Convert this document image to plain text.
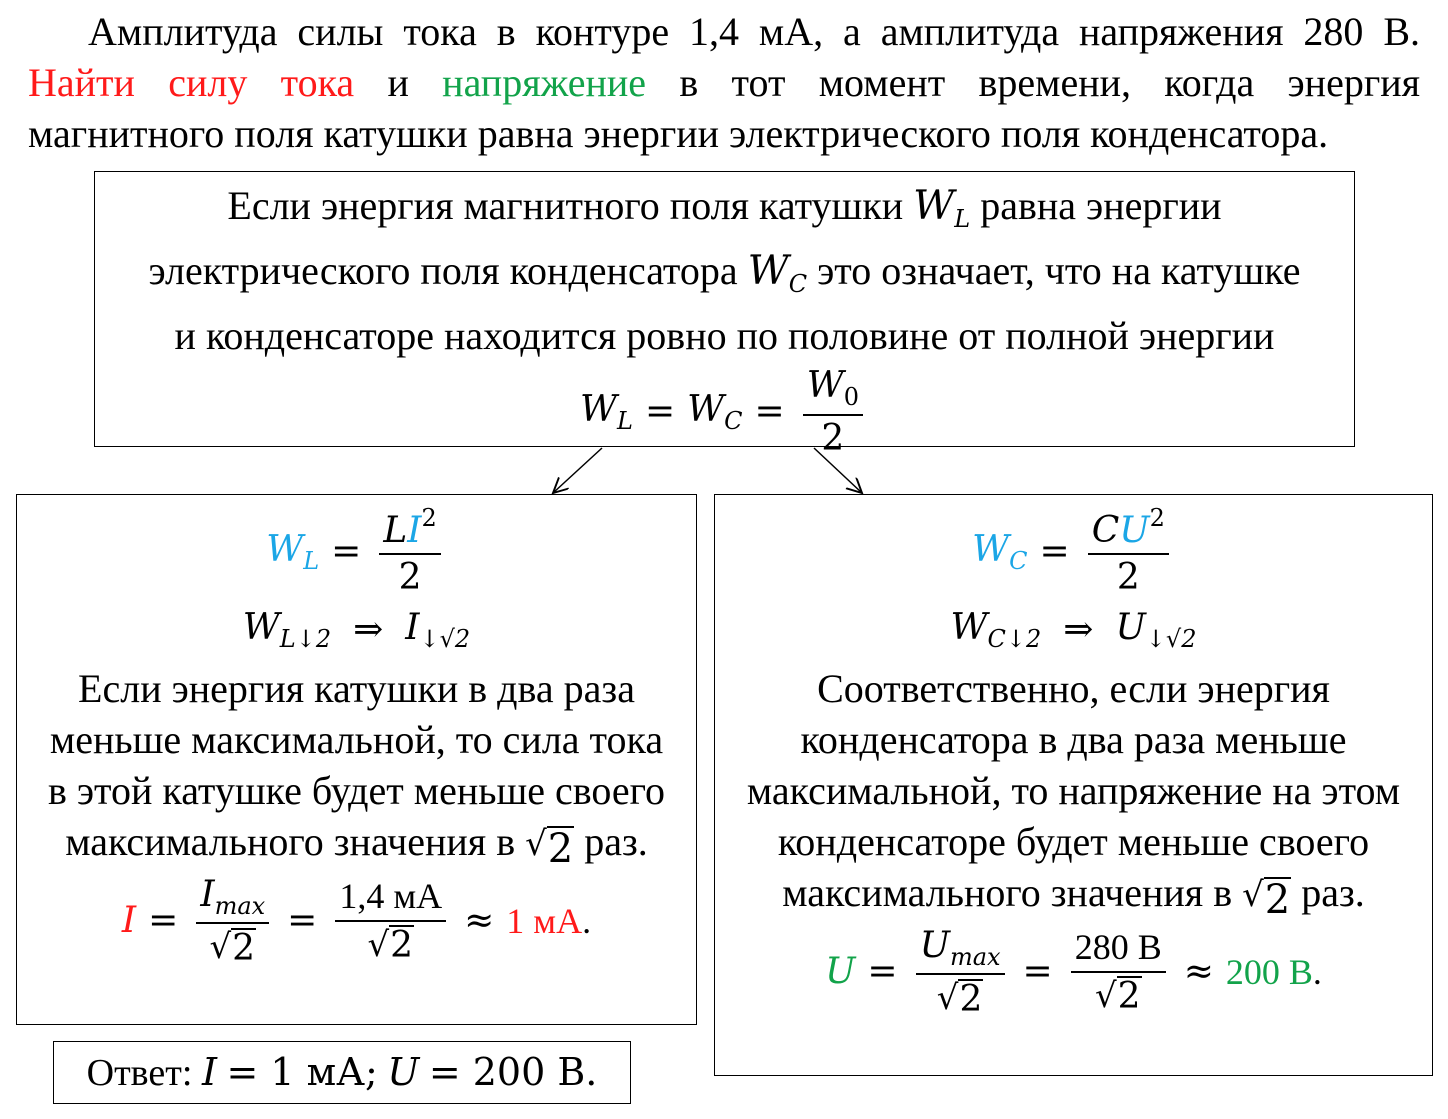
Амплитуда силы тока в контуре 1,4 мА, а амплитуда напряжения 280 В.

Найти силу тока и напряжение в тот момент времени, когда энергия

магнитного поля катушки равна энергии электрического поля конденсатора.

Если энергия магнитного поля катушки $W_L$ равна энергии
электрического поля конденсатора $W_C$ это означает, что на катушке
и конденсаторе находится ровно по половине от полной энергии
$W_L = W_C = \frac{W_0}{2}$
$W_L = \frac{LI^2}{2}$
$W_{L↓2}$ ⇒ $I_{↓√2}$
Если энергия катушки в два раза
меньше максимальной, то сила тока
в этой катушке будет меньше своего
максимального значения в √ 2 раз.
$I = \frac{I_{max}}{√ 2} = \frac{1,4 мА}{√ 2} \approx 1$ мА .
$W_C = \frac{CU^2}{2}$
$W_{C↓2}$ ⇒ $U_{↓√2}$
Соответственно, если энергия
конденсатора в два раза меньше
максимальной, то напряжение на этом
конденсаторе будет меньше своего
максимального значения в √ 2 раз.
$U = \frac{U_{max}}{√ 2} = \frac{280 В}{√ 2} \approx 200$ В .
Ответ: I = 1 мА; U = 200 В.
